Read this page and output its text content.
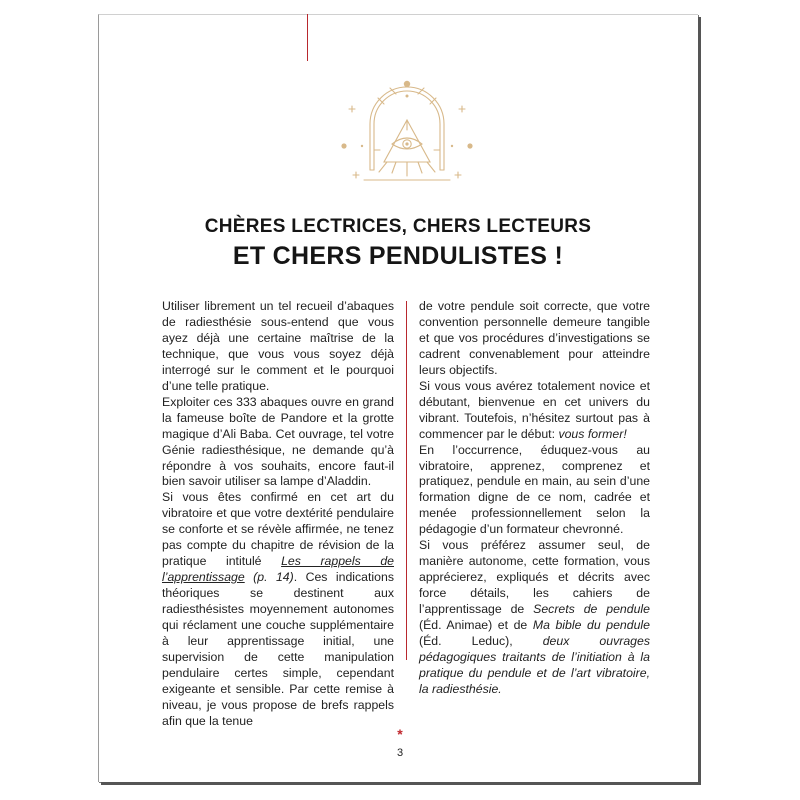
CHÈRES LECTRICES, CHERS LECTEURS
ET CHERS PENDULISTES !

Utiliser librement un tel recueil d’abaques de radiesthésie sous-entend que vous ayez déjà une certaine maîtrise de la technique, que vous vous soyez déjà interrogé sur le comment et le pourquoi d’une telle pratique.

Exploiter ces 333 abaques ouvre en grand la fameuse boîte de Pandore et la grotte magique d’Ali Baba. Cet ouvrage, tel votre Génie radiesthésique, ne demande qu’à répondre à vos souhaits, encore faut-il bien savoir utiliser sa lampe d’Aladdin.

Si vous êtes confirmé en cet art du vibratoire et que votre dextérité pendulaire se conforte et se révèle affirmée, ne tenez pas compte du chapitre de révision de la pratique intitulé Les rappels de l’apprentissage (p. 14). Ces indications théoriques se destinent aux radiesthésistes moyennement autonomes qui réclament une couche supplémentaire à leur apprentissage initial, une supervision de cette manipulation pendulaire certes simple, cependant exigeante et sensible. Par cette remise à niveau, je vous propose de brefs rappels afin que la tenue

de votre pendule soit correcte, que votre convention personnelle demeure tangible et que vos procédures d’investigations se cadrent convenablement pour atteindre leurs objectifs.

Si vous vous avérez totalement novice et débutant, bienvenue en cet univers du vibrant. Toutefois, n’hésitez surtout pas à commencer par le début: vous former!

En l’occurrence, éduquez-vous au vibratoire, apprenez, comprenez et pratiquez, pendule en main, au sein d’une formation digne de ce nom, cadrée et menée professionnellement selon la pédagogie d’un formateur chevronné.

Si vous préférez assumer seul, de manière autonome, cette formation, vous apprécierez, expliqués et décrits avec force détails, les cahiers de l’apprentissage de Secrets de pendule (Éd. Animae) et de Ma bible du pendule (Éd. Leduc), deux ouvrages pédagogiques traitants de l’initiation à la pratique du pendule et de l’art vibratoire, la radiesthésie.

*
3
